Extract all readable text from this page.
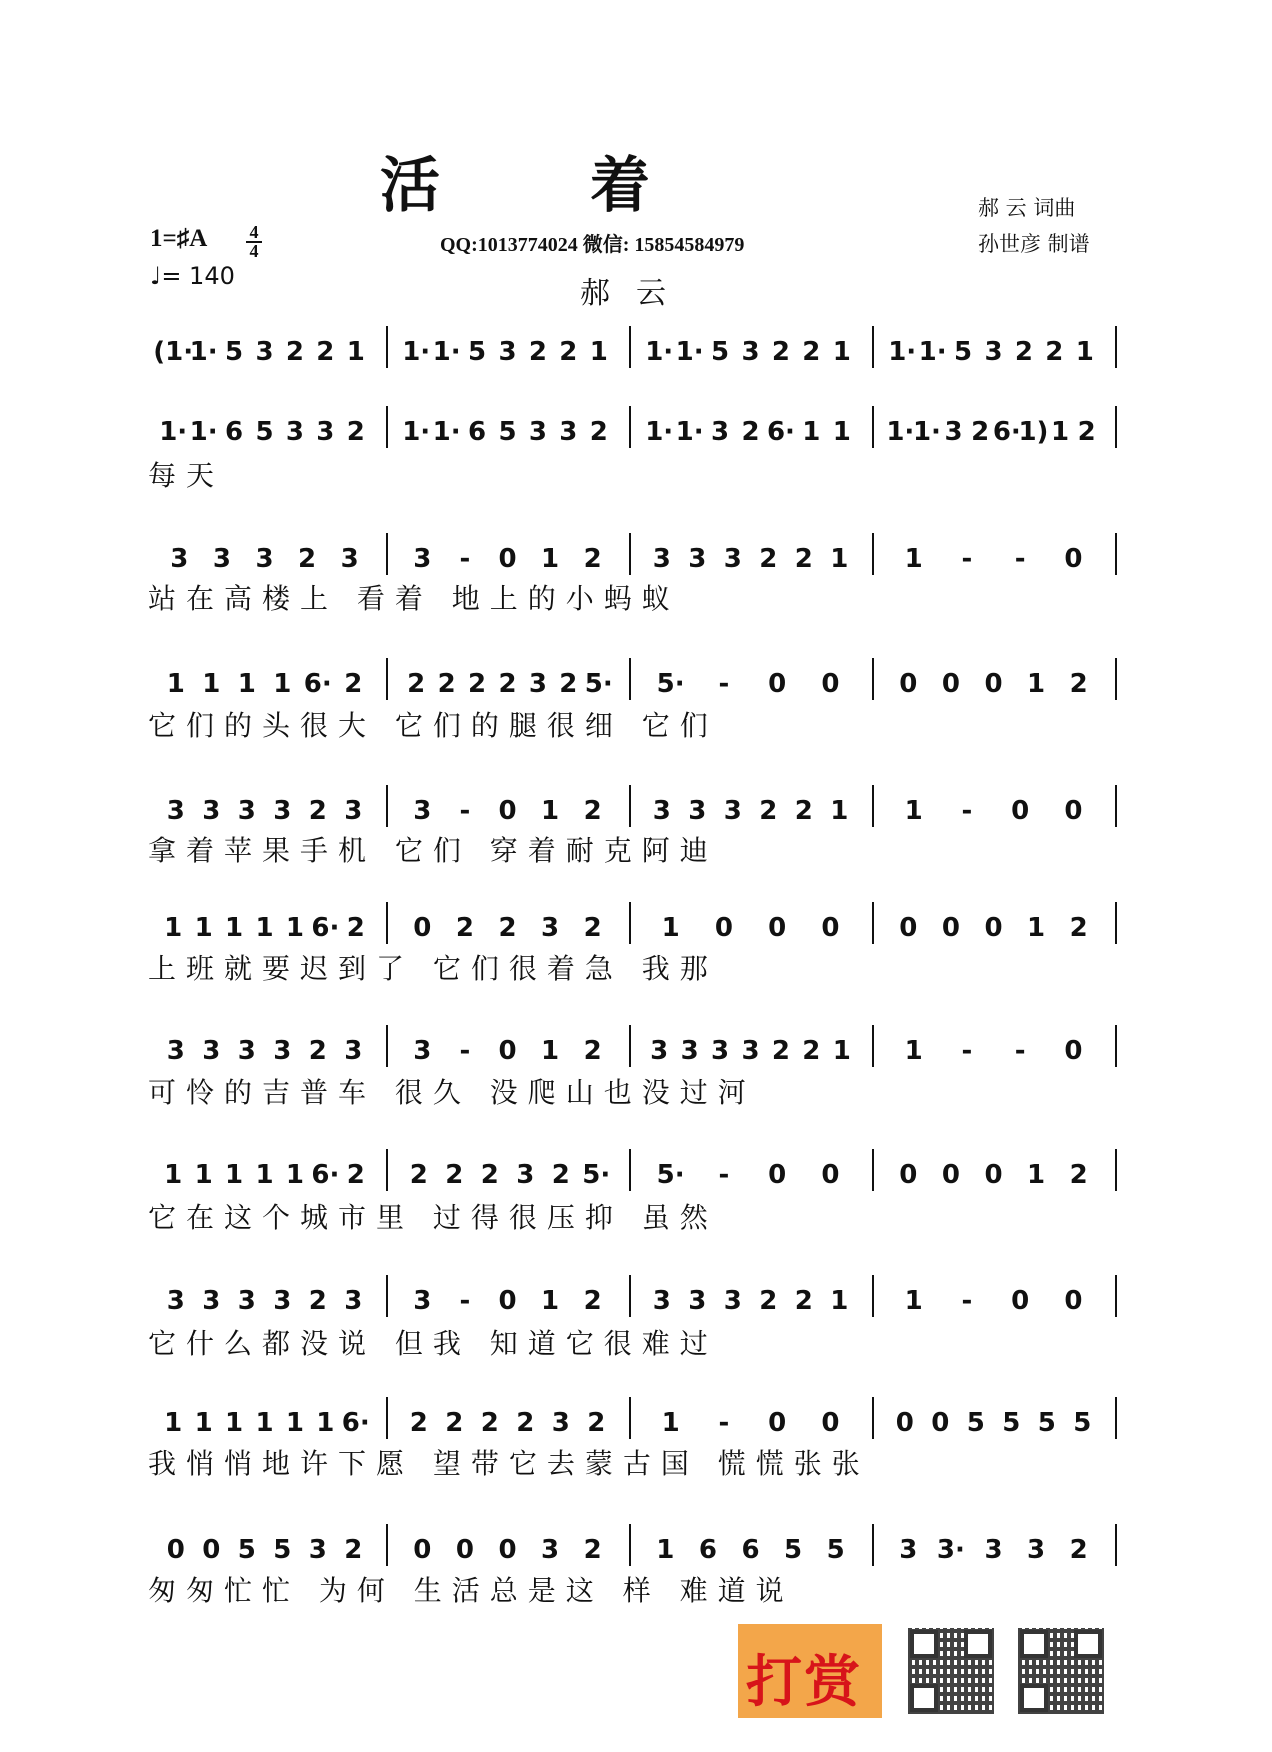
活着
QQ:1013774024 微信: 15854584979
郝云
郝 云 词曲
孙世彦 制谱
1=♯A 4
4
♩= 140
(1·
1· 5 3 2 2 1 1· 1· 5 3 2 2 1 1· 1· 5 3 2 2 1 1· 1· 5 3 2 2 1
1· 1· 6 5 3 3 2 1· 1· 6 5 3 3 2 1· 1· 3 2 6· 1 1 1·
1· 3 2 6·
1) 1 2
每天
3 3 3 2 3 3 - 0 1 2 3 3 3 2 2 1 1 - - 0
站在高楼上 看着 地上的小蚂蚁
1 1 1 1 6· 2 2 2 2 2 3 2 5· 5· - 0 0 0 0 0 1 2
它们的头很大 它们的腿很细 它们
3 3 3 3 2 3 3 - 0 1 2 3 3 3 2 2 1 1 - 0 0
拿着苹果手机 它们 穿着耐克阿迪
1 1 1 1 1 6· 2 0 2 2 3 2 1 0 0 0 0 0 0 1 2
上班就要迟到了 它们很着急 我那
3 3 3 3 2 3 3 - 0 1 2 3 3 3 3 2 2 1 1 - - 0
可怜的吉普车 很久 没爬山也没过河
1 1 1 1 1 6· 2 2 2 2 3 2 5· 5· - 0 0 0 0 0 1 2
它在这个城市里 过得很压抑 虽然
3 3 3 3 2 3 3 - 0 1 2 3 3 3 2 2 1 1 - 0 0
它什么都没说 但我 知道它很难过
1 1 1 1 1 1 6· 2 2 2 2 3 2 1 - 0 0 0 0 5 5 5 5
我悄悄地许下愿 望带它去蒙古国 慌慌张张
0 0 5 5 3 2 0 0 0 3 2 1 6 6 5 5 3 3· 3 3 2
匆匆忙忙 为何 生活总是这 样 难道说
打赏
